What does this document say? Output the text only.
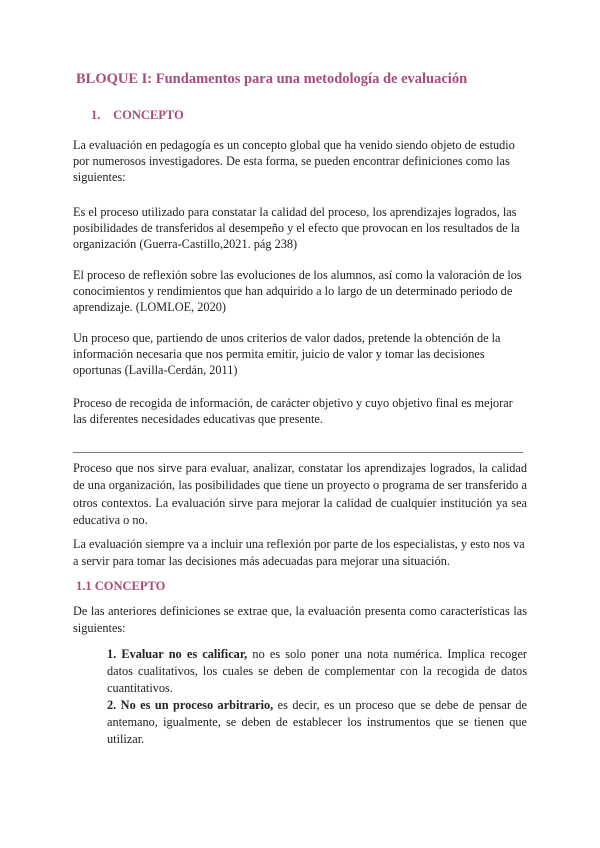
BLOQUE I: Fundamentos para una metodología de evaluación
1. CONCEPTO
La evaluación en pedagogía es un concepto global que ha venido siendo objeto de estudio por numerosos investigadores. De esta forma, se pueden encontrar definiciones como las siguientes:
Es el proceso utilizado para constatar la calidad del proceso, los aprendizajes logrados, las posibilidades de transferidos al desempeño y el efecto que provocan en los resultados de la organización (Guerra-Castillo,2021. pág 238)
El proceso de reflexión sobre las evoluciones de los alumnos, así como la valoración de los conocimientos y rendimientos que han adquirido a lo largo de un determinado periodo de aprendizaje. (LOMLOE, 2020)
Un proceso que, partiendo de unos criterios de valor dados, pretende la obtención de la información necesaria que nos permita emitir, juicio de valor y tomar las decisiones oportunas (Lavilla-Cerdán, 2011)
Proceso de recogida de información, de carácter objetivo y cuyo objetivo final es mejorar las diferentes necesidades educativas que presente.
Proceso que nos sirve para evaluar, analizar, constatar los aprendizajes logrados, la calidad de una organización, las posibilidades que tiene un proyecto o programa de ser transferido a otros contextos. La evaluación sirve para mejorar la calidad de cualquier institución ya sea educativa o no.
La evaluación siempre va a incluir una reflexión por parte de los especialistas, y esto nos va a servir para tomar las decisiones más adecuadas para mejorar una situación.
1.1 CONCEPTO
De las anteriores definiciones se extrae que, la evaluación presenta como características las siguientes:
1. Evaluar no es calificar, no es solo poner una nota numérica. Implica recoger datos cualitativos, los cuales se deben de complementar con la recogida de datos cuantitativos.
2. No es un proceso arbitrario, es decir, es un proceso que se debe de pensar de antemano, igualmente, se deben de establecer los instrumentos que se tienen que utilizar.
